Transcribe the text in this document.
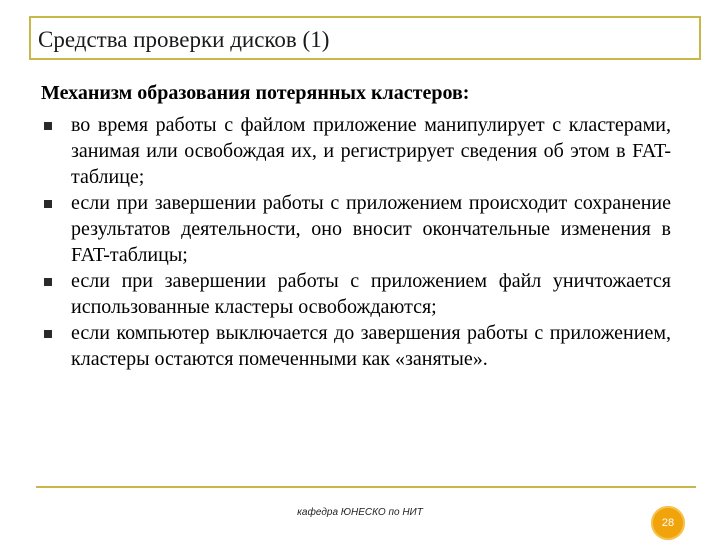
Средства проверки дисков (1)
Механизм образования потерянных кластеров:
во время работы с файлом приложение манипулирует с кластерами, занимая или освобождая их, и регистрирует сведения об этом в FAT-таблице;
если при завершении работы с приложением происходит сохранение результатов деятельности, оно вносит окончательные изменения в FAT-таблицы;
если при завершении работы с приложением файл уничтожается использованные кластеры освобождаются;
если компьютер выключается до завершения работы с приложением, кластеры остаются помеченными как «занятые».
кафедра ЮНЕСКО по НИТ
28
